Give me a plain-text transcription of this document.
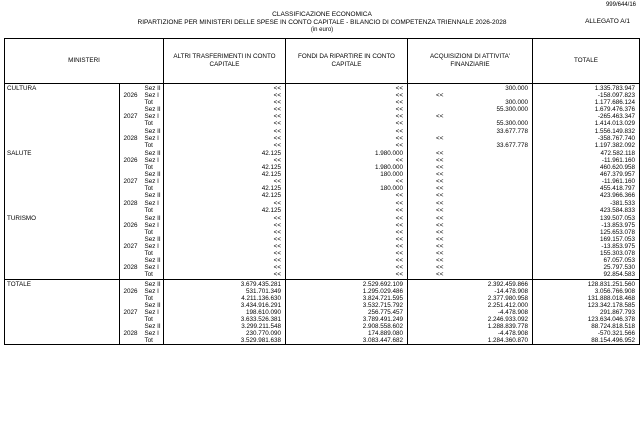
999/644/16
CLASSIFICAZIONE ECONOMICA
RIPARTIZIONE PER MINISTERI DELLE SPESE IN CONTO CAPITALE - BILANCIO DI COMPETENZA TRIENNALE 2026-2028
(in euro)
ALLEGATO A/1
MINISTERI			ALTRI TRASFERIMENTI IN CONTO CAPITALE	FONDI DA RIPARTIRE IN CONTO CAPITALE	ACQUISIZIONI DI ATTIVITA' FINANZIARIE	TOTALE
CULTURA		Sez II	<<	<<	300.000	1.335.783.947
	2026	Sez I	<<	<<	<<	-158.097.823
		Tot	<<	<<	300.000	1.177.686.124
		Sez II	<<	<<	55.300.000	1.679.476.376
	2027	Sez I	<<	<<	<<	-265.463.347
		Tot	<<	<<	55.300.000	1.414.013.029
		Sez II	<<	<<	33.677.778	1.556.149.832
	2028	Sez I	<<	<<	<<	-358.767.740
		Tot	<<	<<	33.677.778	1.197.382.092
SALUTE		Sez II	42.125	1.980.000	<<	472.582.118
	2026	Sez I	<<	<<	<<	-11.961.160
		Tot	42.125	1.980.000	<<	460.620.958
		Sez II	42.125	180.000	<<	467.379.957
	2027	Sez I	<<	<<	<<	-11.961.160
		Tot	42.125	180.000	<<	455.418.797
		Sez II	42.125	<<	<<	423.966.366
	2028	Sez I	<<	<<	<<	-381.533
		Tot	42.125	<<	<<	423.584.833
TURISMO		Sez II	<<	<<	<<	139.507.053
	2026	Sez I	<<	<<	<<	-13.853.975
		Tot	<<	<<	<<	125.653.078
		Sez II	<<	<<	<<	169.157.053
	2027	Sez I	<<	<<	<<	-13.853.975
		Tot	<<	<<	<<	155.303.078
		Sez II	<<	<<	<<	67.057.053
	2028	Sez I	<<	<<	<<	25.797.530
		Tot	<<	<<	<<	92.854.583
TOTALE		Sez II	3.679.435.281	2.529.692.109	2.392.459.866	128.831.251.560
	2026	Sez I	531.701.349	1.295.029.486	-14.478.908	3.056.766.908
		Tot	4.211.136.630	3.824.721.595	2.377.980.958	131.888.018.468
		Sez II	3.434.916.291	3.532.715.792	2.251.412.000	123.342.178.585
	2027	Sez I	198.610.090	256.775.457	-4.478.908	291.867.793
		Tot	3.633.526.381	3.789.491.249	2.246.933.092	123.634.046.378
		Sez II	3.299.211.548	2.908.558.602	1.288.839.778	88.724.818.518
	2028	Sez I	230.770.090	174.889.080	-4.478.908	-570.321.566
		Tot	3.529.981.638	3.083.447.682	1.284.360.870	88.154.496.952
